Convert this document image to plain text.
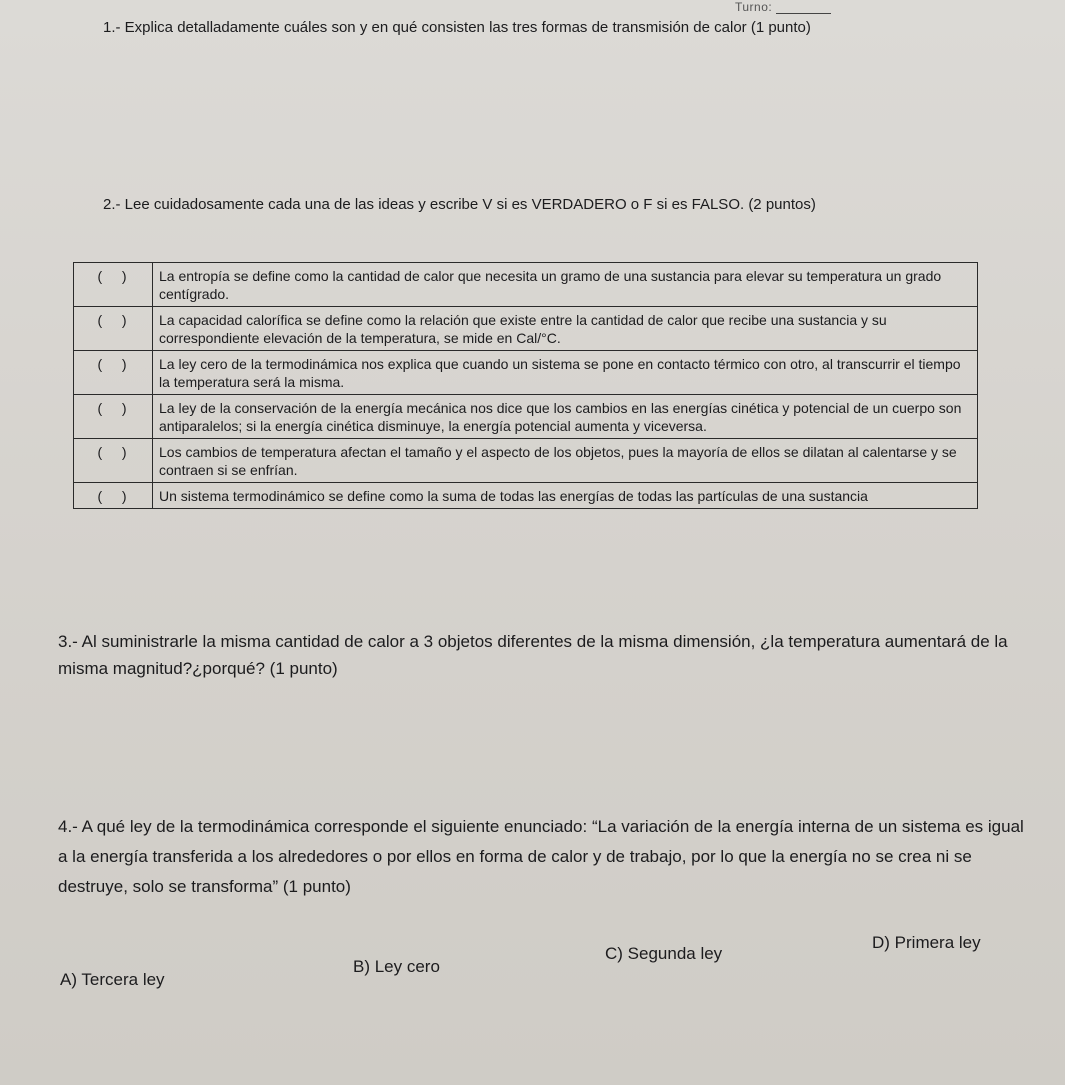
Turno:
1.- Explica detalladamente cuáles son y en qué consisten las tres formas de transmisión de calor (1 punto)
2.- Lee cuidadosamente cada una de las ideas y escribe V si es VERDADERO o F si es FALSO. (2 puntos)
(   )	La entropía se define como la cantidad de calor que necesita un gramo de una sustancia para elevar su temperatura un grado centígrado.
(   )	La capacidad calorífica se define como la relación que existe entre la cantidad de calor que recibe una sustancia y su correspondiente elevación de la temperatura, se mide en Cal/°C.
(   )	La ley cero de la termodinámica nos explica que cuando un sistema se pone en contacto térmico con otro, al transcurrir el tiempo la temperatura será la misma.
(   )	La ley de la conservación de la energía mecánica nos dice que los cambios en las energías cinética y potencial de un cuerpo son antiparalelos; si la energía cinética disminuye, la energía potencial aumenta y viceversa.
(   )	Los cambios de temperatura afectan el tamaño y el aspecto de los objetos, pues la mayoría de ellos se dilatan al calentarse y se contraen si se enfrían.
(   )	Un sistema termodinámico se define como la suma de todas las energías de todas las partículas de una sustancia
3.- Al suministrarle la misma cantidad de calor a 3 objetos diferentes de la misma dimensión, ¿la temperatura aumentará de la misma magnitud?¿porqué? (1 punto)
4.- A qué ley de la termodinámica corresponde el siguiente enunciado: “La variación de la energía interna de un sistema es igual a la energía transferida a los alrededores o por ellos en forma de calor y de trabajo, por lo que la energía no se crea ni se destruye, solo se transforma” (1 punto)
A) Tercera ley
B) Ley cero
C) Segunda ley
D) Primera ley
